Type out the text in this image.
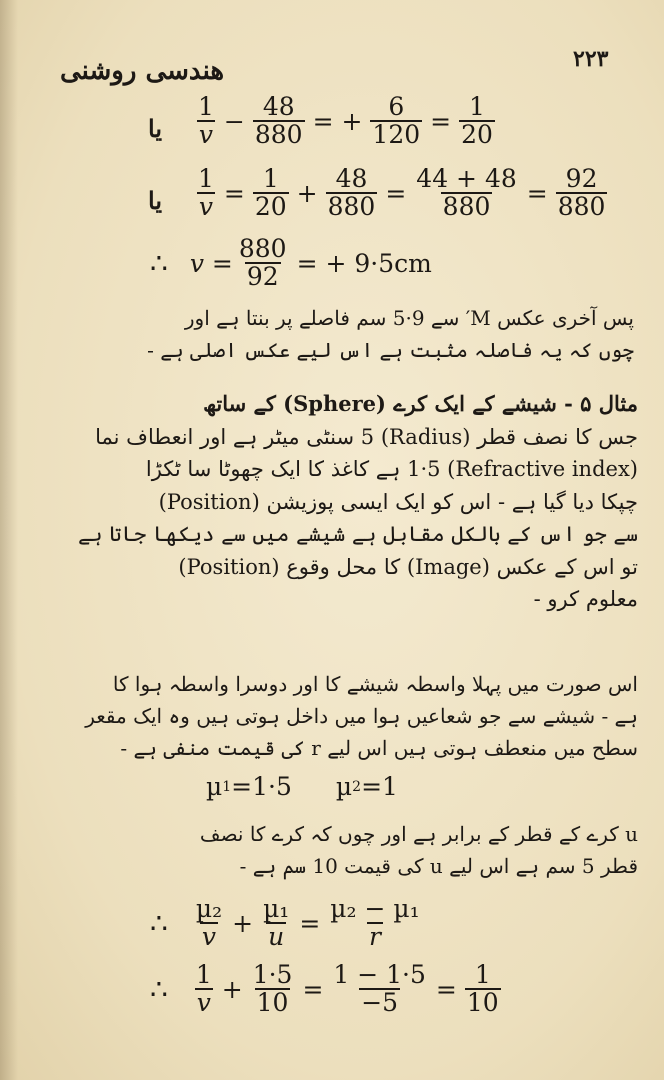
۲۲۳
هندسی روشنی
یا $\frac{1}{v} - \frac{48}{880}$ = + $\frac{6}{120} = \frac{1}{20}$
یا $\frac{1}{v} = \frac{1}{20} + \frac{48}{880} = \frac{44 + 48}{880} = \frac{92}{880}$
∴ $v = \frac{880}{92}$ = + 9·5cm
پس آخری عکس M′ سے 9·5 سم فاصلے پر بنتا ہے اور
چوں کہ یہ فاصلہ مثبت ہے اس لیے عکس اصلی ہے -
مثال ۵ - شیشے کے ایک کرے (Sphere) کے ساتھ
جس کا نصف قطر (Radius) 5 سنٹی میٹر ہے اور انعطاف نما
(Refractive index) 1·5 ہے کاغذ کا ایک چھوٹا سا ٹکڑا
چپکا دیا گیا ہے - اس کو ایک ایسی پوزیشن (Position)
سے جو اس کے بالکل مقابل ہے شیشے میں سے دیکھا جاتا ہے
تو اس کے عکس (Image) کا محل وقوع (Position)
معلوم کرو -
اس صورت میں پہلا واسطہ شیشے کا اور دوسرا واسطہ ہوا کا
ہے - شیشے سے جو شعاعیں ہوا میں داخل ہوتی ہیں وہ ایک مقعر
سطح میں منعطف ہوتی ہیں اس لیے r کی قیمت منفی ہے -
µ 1 =1·5 µ 2 =1
u کرے کے قطر کے برابر ہے اور چوں کہ کرے کا نصف
قطر 5 سم ہے اس لیے u کی قیمت 10 سم ہے -
∴ $\frac{\text{µ₂}}{v} + \frac{\text{µ₁}}{u} = \frac{\text{µ₂ − µ₁}}{r}$
∴ $\frac{1}{v} + \frac{1\cdot 5}{10} = \frac{1 - 1\cdot 5}{-5} = \frac{1}{10}$
